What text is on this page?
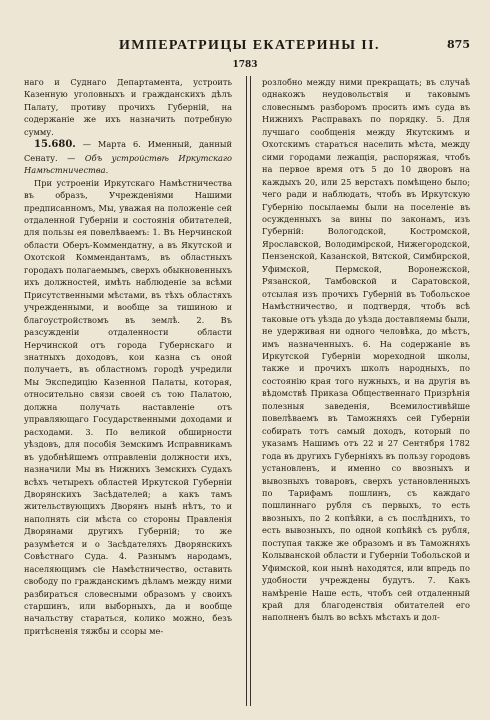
ИМПЕРАТРИЦЫ ЕКАТЕРИНЫ II.	875
1783

наго и Суднаго Департамента, устроить Казенную уголовныхъ и гражданскихъ дѣлъ Палату, противу прочихъ Губерній, на содержаніе же ихъ назначить потребную сумму.

15.680. — Марта 6. Именный, данный Сенату. — Объ устройствѣ Иркутскаго Намѣстничества.

При устроеніи Иркутскаго Намѣстничества въ образъ, Учрежденіями Нашими предписанномъ, Мы, уважая на положеніе сей отдаленной Губерніи и состоянія обитателей, для пользы ея повелѣваемъ: 1. Въ Нерчинской области Оберъ-Коммендатну, а въ Якутской и Охотской Коммендантамъ, въ областныхъ городахъ полагаемымъ, сверхъ обыкновенныхъ ихъ должностей, имѣть наблюденіе за всѣми Присутственными мѣстами, въ тѣхъ областяхъ учрежденными, и вообще за тишиною и благоустройствомъ въ землѣ. 2. Въ разсужденіи отдаленности области Нерчинской отъ города Губернскаго и знатныхъ доходовъ, кои казна съ оной получаетъ, въ областномъ городѣ учредили Мы Экспедицію Казенной Палаты, которая, относительно связи своей съ тою Палатою, должна получать наставленіе отъ управляющаго Государственными доходами и расходами. 3. По великой обширности уѣздовъ, для пособія Земскимъ Исправникамъ въ удобнѣйшемъ отправленіи должности ихъ, назначили Мы въ Нижнихъ Земскихъ Судахъ всѣхъ четырехъ областей Иркутской Губерніи Дворянскихъ Засѣдателей; а какъ тамъ жительствующихъ Дворянъ нынѣ нѣтъ, то и наполнять сіи мѣста со стороны Правленія Дворянами другихъ Губерній; то же разумѣется и о Засѣдателяхъ Дворянскихъ Совѣстнаго Суда. 4. Разнымъ народамъ, населяющимъ сіе Намѣстничество, оставить свободу по гражданскимъ дѣламъ между ними разбираться словесными образомъ у своихъ старшинъ, или выборныхъ, да и вообще начальству стараться, колико можно, безъ притѣсненія тяжбы и ссоры ме-

розлобно между ними прекращать; въ случаѣ однакожъ неудовольствія и таковымъ словеснымъ разборомъ просить имъ суда въ Нижнихъ Расправахъ по порядку. 5. Для лучшаго сообщенія между Якутскимъ и Охотскимъ стараться населить мѣста, между сими городами лежащія, распоряжая, чтобъ на первое время отъ 5 до 10 дворовъ на каждыхъ 20, или 25 верстахъ помѣщено было; чего ради и наблюдать, чтобъ въ Иркутскую Губернію посылаемы были на поселеніе въ осужденныхъ за вины по законамъ, изъ Губерній: Вологодской, Костромской, Ярославской, Володимірской, Нижегородской, Пензенской, Казанской, Вятской, Симбирской, Уфимской, Пермской, Воронежской, Рязанской, Тамбовской и Саратовской, отсылая изъ прочихъ Губерній въ Тобольское Намѣстничество, и подтвердя, чтобъ всѣ таковые отъ уѣзда до уѣзда доставляемы были, не удерживая ни одного человѣка, до мѣстъ, имъ назначенныхъ. 6. На содержаніе въ Иркутской Губерніи мореходной школы, также и прочихъ школъ народныхъ, по состоянію края того нужныхъ, и на другія въ вѣдомствѣ Приказа Общественнаго Призрѣнія полезныя заведенія, Всемилостивѣйше повелѣваемъ въ Таможняхъ сей Губерніи собирать тотъ самый доходъ, который по указамъ Нашимъ отъ 22 и 27 Сентября 1782 года въ другихъ Губерніяхъ въ пользу городовъ установленъ, и именно со ввозныхъ и вывозныхъ товаровъ, сверхъ установленныхъ по Тарифамъ пошлинъ, съ каждаго пошлиннаго рубля съ первыхъ, то есть ввозныхъ, по 2 копѣйки, а съ послѣднихъ, то есть вывозныхъ, по одной копѣйкѣ съ рубля, поступая также же образомъ и въ Таможняхъ Колыванской области и Губерніи Тобольской и Уфимской, кои нынѣ находятся, или впредь по удобности учреждены будутъ. 7. Какъ намѣреніе Наше есть, чтобъ сей отдаленный край для благоденствія обитателей его наполненъ былъ во всѣхъ мѣстахъ и дол-
